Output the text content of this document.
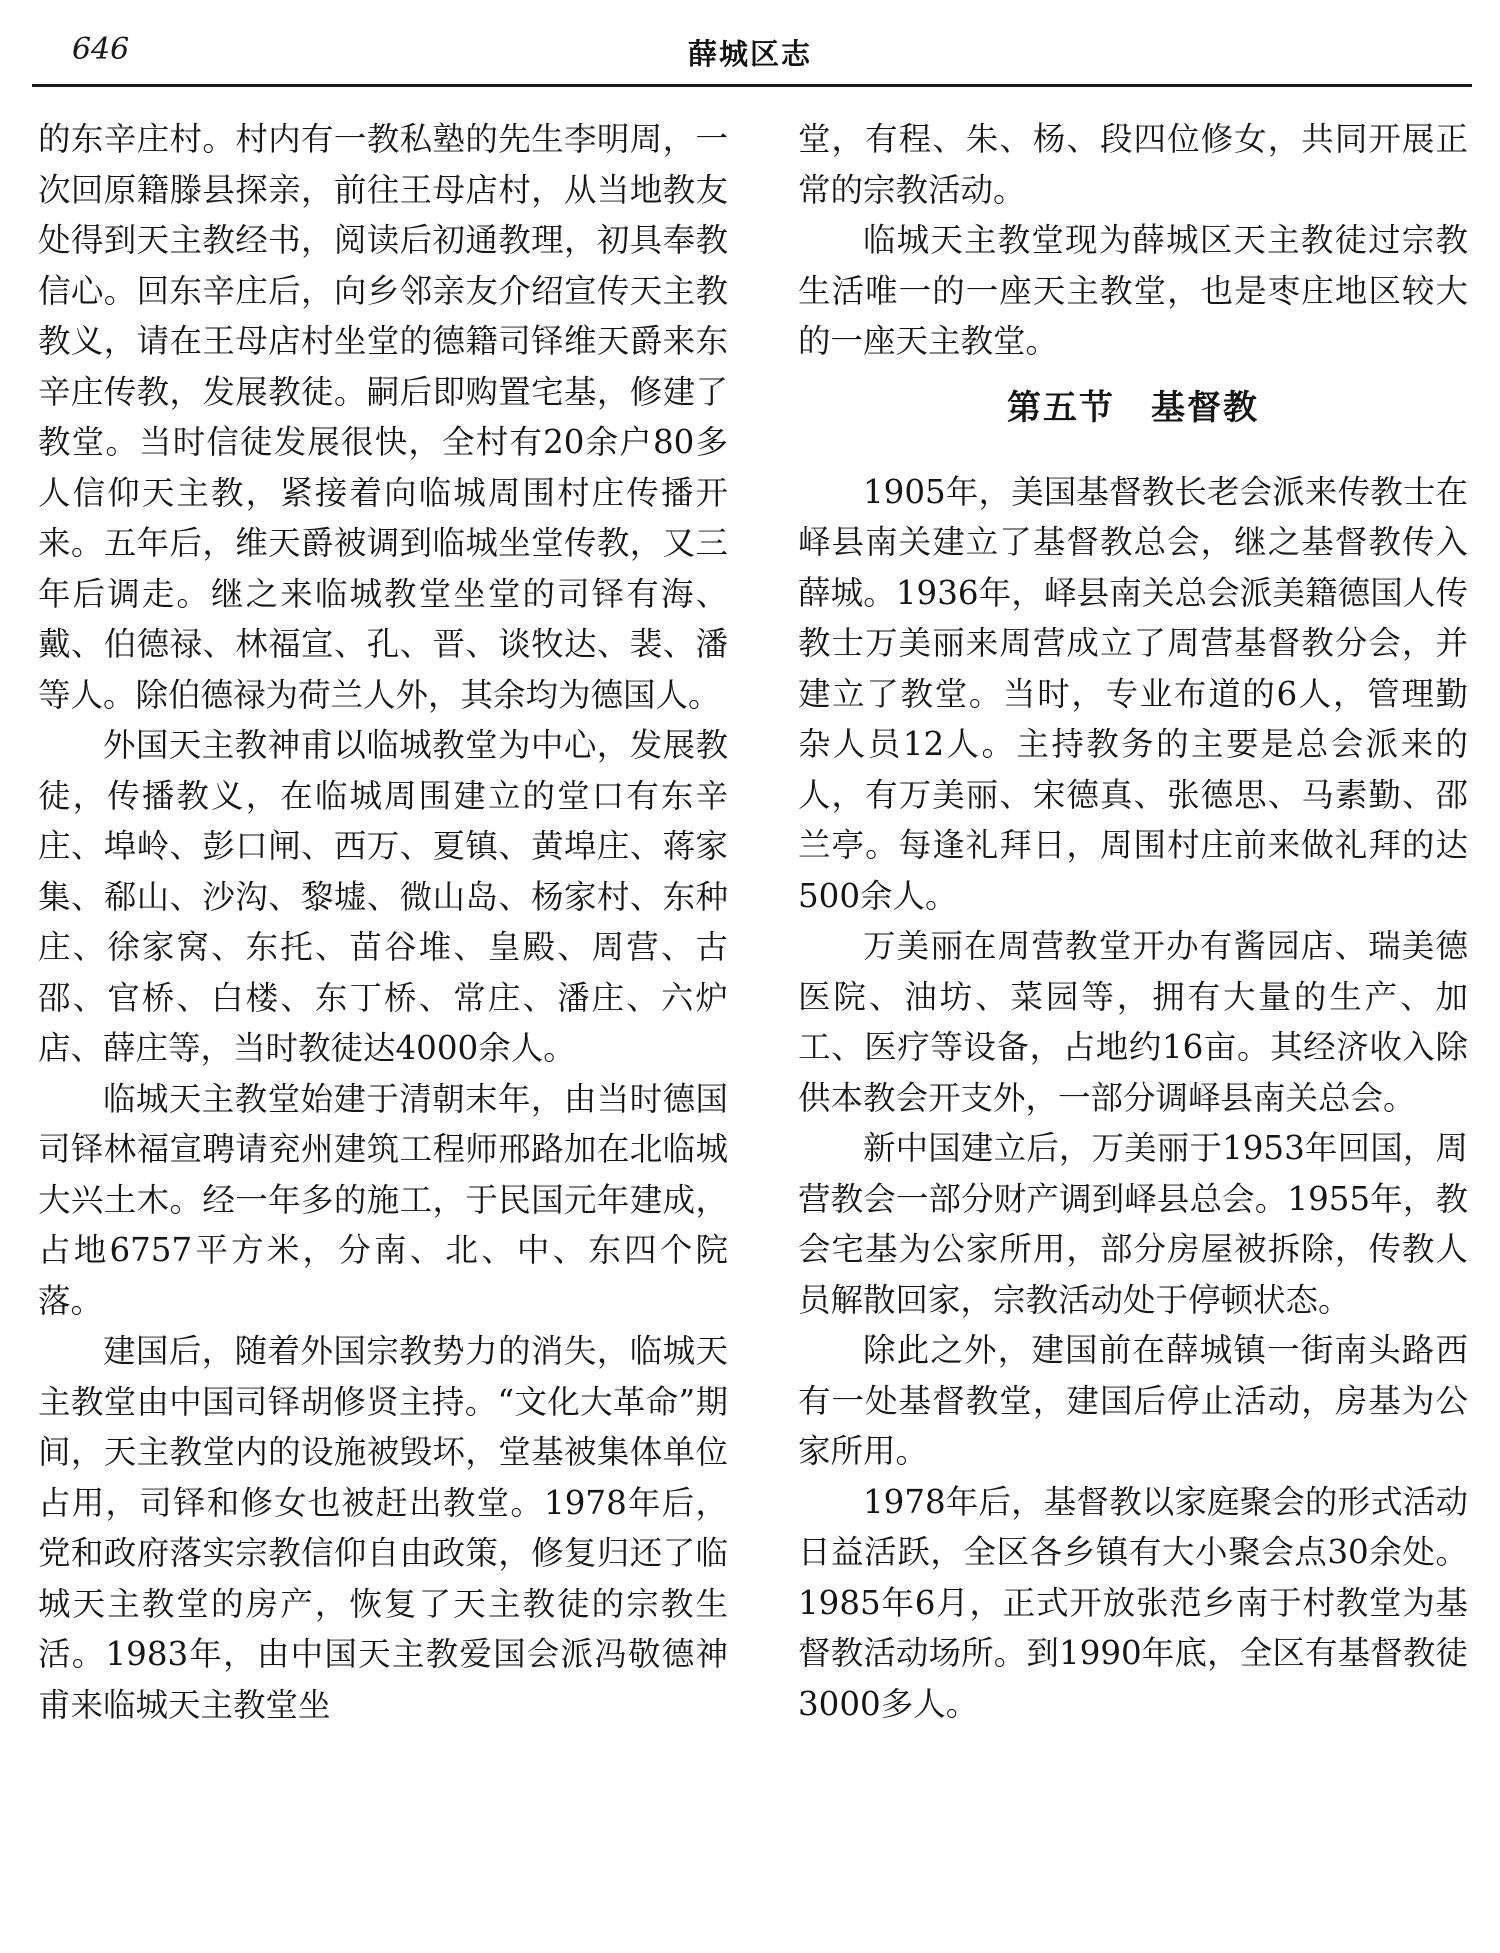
646	薛城区志

的东辛庄村。村内有一教私塾的先生李明周，一次回原籍滕县探亲，前往王母店村，从当地教友处得到天主教经书，阅读后初通教理，初具奉教信心。回东辛庄后，向乡邻亲友介绍宣传天主教教义，请在王母店村坐堂的德籍司铎维天爵来东辛庄传教，发展教徒。嗣后即购置宅基，修建了教堂。当时信徒发展很快，全村有20余户80多人信仰天主教，紧接着向临城周围村庄传播开来。五年后，维天爵被调到临城坐堂传教，又三年后调走。继之来临城教堂坐堂的司铎有海、戴、伯德禄、林福宣、孔、晋、谈牧达、裴、潘等人。除伯德禄为荷兰人外，其余均为德国人。

外国天主教神甫以临城教堂为中心，发展教徒，传播教义，在临城周围建立的堂口有东辛庄、埠岭、彭口闸、西万、夏镇、黄埠庄、蒋家集、郗山、沙沟、黎墟、微山岛、杨家村、东种庄、徐家窝、东托、苗谷堆、皇殿、周营、古邵、官桥、白楼、东丁桥、常庄、潘庄、六炉店、薛庄等，当时教徒达4000余人。

临城天主教堂始建于清朝末年，由当时德国司铎林福宣聘请兖州建筑工程师邢路加在北临城大兴土木。经一年多的施工，于民国元年建成，占地6757平方米，分南、北、中、东四个院落。

建国后，随着外国宗教势力的消失，临城天主教堂由中国司铎胡修贤主持。“文化大革命”期间，天主教堂内的设施被毁坏，堂基被集体单位占用，司铎和修女也被赶出教堂。1978年后，党和政府落实宗教信仰自由政策，修复归还了临城天主教堂的房产，恢复了天主教徒的宗教生活。1983年，由中国天主教爱国会派冯敬德神甫来临城天主教堂坐

堂，有程、朱、杨、段四位修女，共同开展正常的宗教活动。

临城天主教堂现为薛城区天主教徒过宗教生活唯一的一座天主教堂，也是枣庄地区较大的一座天主教堂。

第五节　基督教

1905年，美国基督教长老会派来传教士在峄县南关建立了基督教总会，继之基督教传入薛城。1936年，峄县南关总会派美籍德国人传教士万美丽来周营成立了周营基督教分会，并建立了教堂。当时，专业布道的6人，管理勤杂人员12人。主持教务的主要是总会派来的人，有万美丽、宋德真、张德思、马素勤、邵兰亭。每逢礼拜日，周围村庄前来做礼拜的达500余人。

万美丽在周营教堂开办有酱园店、瑞美德医院、油坊、菜园等，拥有大量的生产、加工、医疗等设备，占地约16亩。其经济收入除供本教会开支外，一部分调峄县南关总会。

新中国建立后，万美丽于1953年回国，周营教会一部分财产调到峄县总会。1955年，教会宅基为公家所用，部分房屋被拆除，传教人员解散回家，宗教活动处于停顿状态。

除此之外，建国前在薛城镇一街南头路西有一处基督教堂，建国后停止活动，房基为公家所用。

1978年后，基督教以家庭聚会的形式活动日益活跃，全区各乡镇有大小聚会点30余处。1985年6月，正式开放张范乡南于村教堂为基督教活动场所。到1990年底，全区有基督教徒3000多人。
